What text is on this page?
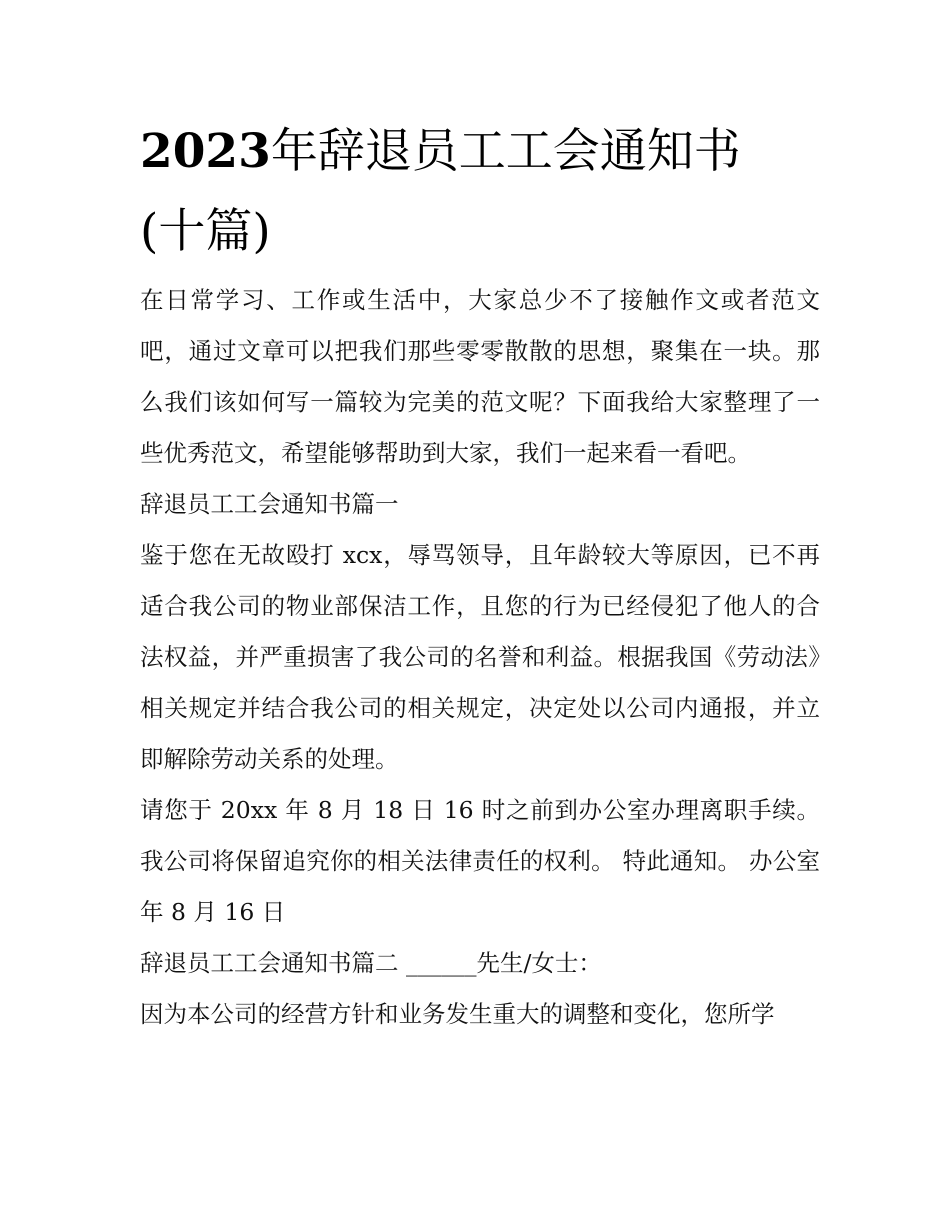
2023年辞退员工工会通知书
(十篇)

在日常学习、工作或生活中，大家总少不了接触作文或者范文吧，通过文章可以把我们那些零零散散的思想，聚集在一块。那么我们该如何写一篇较为完美的范文呢？下面我给大家整理了一些优秀范文，希望能够帮助到大家，我们一起来看一看吧。

辞退员工工会通知书篇一

鉴于您在无故殴打 xcx，辱骂领导，且年龄较大等原因，已不再适合我公司的物业部保洁工作，且您的行为已经侵犯了他人的合法权益，并严重损害了我公司的名誉和利益。根据我国《劳动法》相关规定并结合我公司的相关规定，决定处以公司内通报，并立即解除劳动关系的处理。

请您于 20xx 年 8 月 18 日 16 时之前到办公室办理离职手续。 我公司将保留追究你的相关法律责任的权利。 特此通知。 办公室 年 8 月 16 日

辞退员工工会通知书篇二 ______先生/女士：

因为本公司的经营方针和业务发生重大的调整和变化，您所学
